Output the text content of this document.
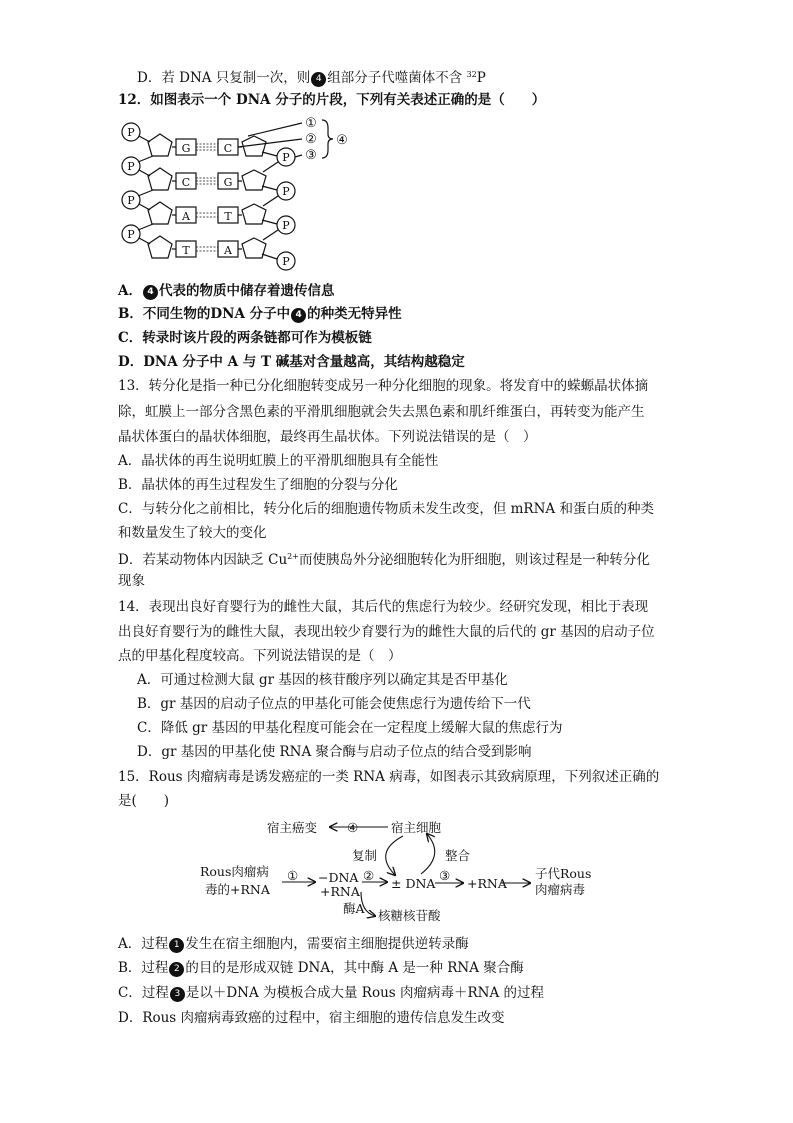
D．若 DNA 只复制一次，则 4 组部分子代噬菌体不含 $^{32}$P
12．如图表示一个 DNA 分子的片段，下列有关表述正确的是（　　）
P
P
P
P
P
P
P
P
G
C
A
T
C
G
T
A
①
②
③
④
A． 4 代表的物质中储存着遗传信息
B．不同生物的DNA 分子中 4 的种类无特异性
C．转录时该片段的两条链都可作为模板链
D．DNA 分子中 A 与 T 碱基对含量越高，其结构越稳定
13．转分化是指一种已分化细胞转变成另一种分化细胞的现象。将发育中的蝾螈晶状体摘
除，虹膜上一部分含黑色素的平滑肌细胞就会失去黑色素和肌纤维蛋白，再转变为能产生
晶状体蛋白的晶状体细胞，最终再生晶状体。下列说法错误的是（　）
A．晶状体的再生说明虹膜上的平滑肌细胞具有全能性
B．晶状体的再生过程发生了细胞的分裂与分化
C．与转分化之前相比，转分化后的细胞遗传物质未发生改变，但 mRNA 和蛋白质的种类
和数量发生了较大的变化
D．若某动物体内因缺乏 $Cu^{2+}$而使胰岛外分泌细胞转化为肝细胞，则该过程是一种转分化
现象
14．表现出良好育婴行为的雌性大鼠，其后代的焦虑行为较少。经研究发现，相比于表现
出良好育婴行为的雌性大鼠，表现出较少育婴行为的雌性大鼠的后代的 gr 基因的启动子位
点的甲基化程度较高。下列说法错误的是（　）
A．可通过检测大鼠 gr 基因的核苷酸序列以确定其是否甲基化
B．gr 基因的启动子位点的甲基化可能会使焦虑行为遗传给下一代
C．降低 gr 基因的甲基化程度可能会在一定程度上缓解大鼠的焦虑行为
D．gr 基因的甲基化使 RNA 聚合酶与启动子位点的结合受到影响
15．Rous 肉瘤病毒是诱发癌症的一类 RNA 病毒，如图表示其致病原理，下列叙述正确的
是(　　)
宿主癌变 ④	宿主细胞
复制	整合
Rous肉瘤病
毒的+RNA
① −DNA
+RNA
②
± DNA
③
+RNA
酶A 核糖核苷酸
子代Rous
肉瘤病毒
A．过程 1 发生在宿主细胞内，需要宿主细胞提供逆转录酶
B．过程 2 的目的是形成双链 DNA，其中酶 A 是一种 RNA 聚合酶
C．过程 3 是以＋DNA 为模板合成大量 Rous 肉瘤病毒＋RNA 的过程
D．Rous 肉瘤病毒致癌的过程中，宿主细胞的遗传信息发生改变
